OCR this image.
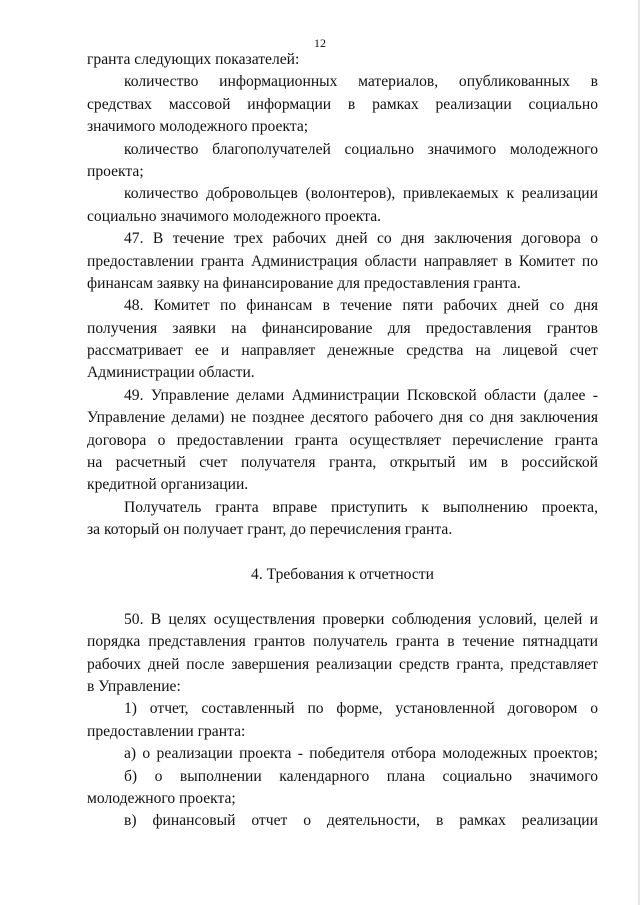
12
гранта следующих показателей:
количество информационных материалов, опубликованных в
средствах массовой информации в рамках реализации социально
значимого молодежного проекта;
количество благополучателей социально значимого молодежного
проекта;
количество добровольцев (волонтеров), привлекаемых к реализации
социально значимого молодежного проекта.
47. В течение трех рабочих дней со дня заключения договора о
предоставлении гранта Администрация области направляет в Комитет по
финансам заявку на финансирование для предоставления гранта.
48. Комитет по финансам в течение пяти рабочих дней со дня
получения заявки на финансирование для предоставления грантов
рассматривает ее и направляет денежные средства на лицевой счет
Администрации области.
49. Управление делами Администрации Псковской области (далее -
Управление делами) не позднее десятого рабочего дня со дня заключения
договора о предоставлении гранта осуществляет перечисление гранта
на расчетный счет получателя гранта, открытый им в российской
кредитной организации.
Получатель гранта вправе приступить к выполнению проекта,
за который он получает грант, до перечисления гранта.
4. Требования к отчетности
50. В целях осуществления проверки соблюдения условий, целей и
порядка представления грантов получатель гранта в течение пятнадцати
рабочих дней после завершения реализации средств гранта, представляет
в Управление:
1) отчет, составленный по форме, установленной договором о
предоставлении гранта:
а) о реализации проекта - победителя отбора молодежных проектов;
б) о выполнении календарного плана социально значимого
молодежного проекта;
в) финансовый отчет о деятельности, в рамках реализации
